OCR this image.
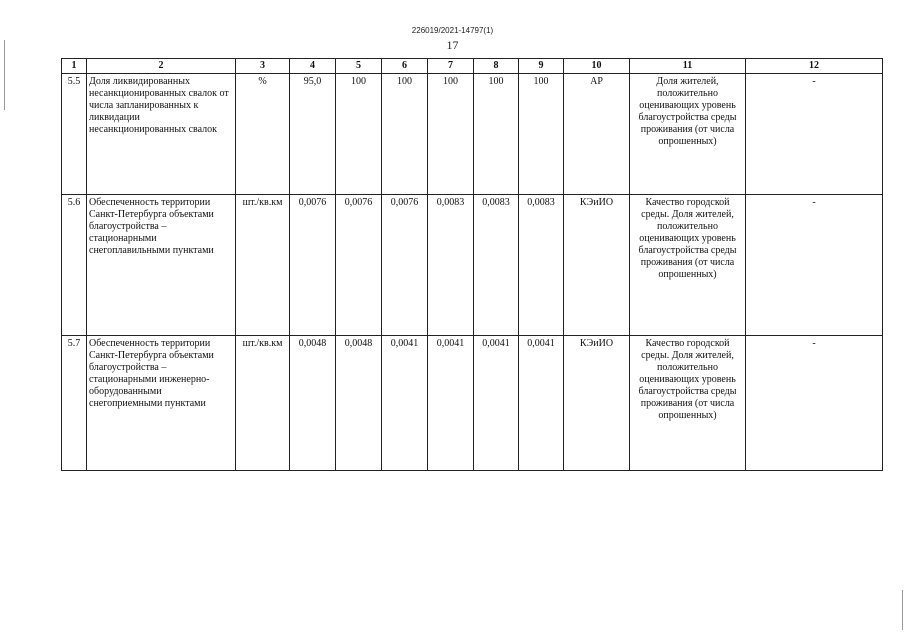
226019/2021-14797(1)
17
1	2	3	4	5	6	7	8	9	10	11	12
5.5	Доля ликвидированных несанкционированных свалок от числа запланированных к ликвидации несанкционированных свалок	%	95,0	100	100	100	100	100	АР	Доля жителей, положительно оценивающих уровень благоустройства среды проживания (от числа опрошенных)	-
5.6	Обеспеченность территории Санкт-Петербурга объектами благоустройства – стационарными снегоплавильными пунктами	шт./кв.км	0,0076	0,0076	0,0076	0,0083	0,0083	0,0083	КЭиИО	Качество городской среды. Доля жителей, положительно оценивающих уровень благоустройства среды проживания (от числа опрошенных)	-
5.7	Обеспеченность территории Санкт-Петербурга объектами благоустройства – стационарными инженерно-оборудованными снегоприемными пунктами	шт./кв.км	0,0048	0,0048	0,0041	0,0041	0,0041	0,0041	КЭиИО	Качество городской среды. Доля жителей, положительно оценивающих уровень благоустройства среды проживания (от числа опрошенных)	-
